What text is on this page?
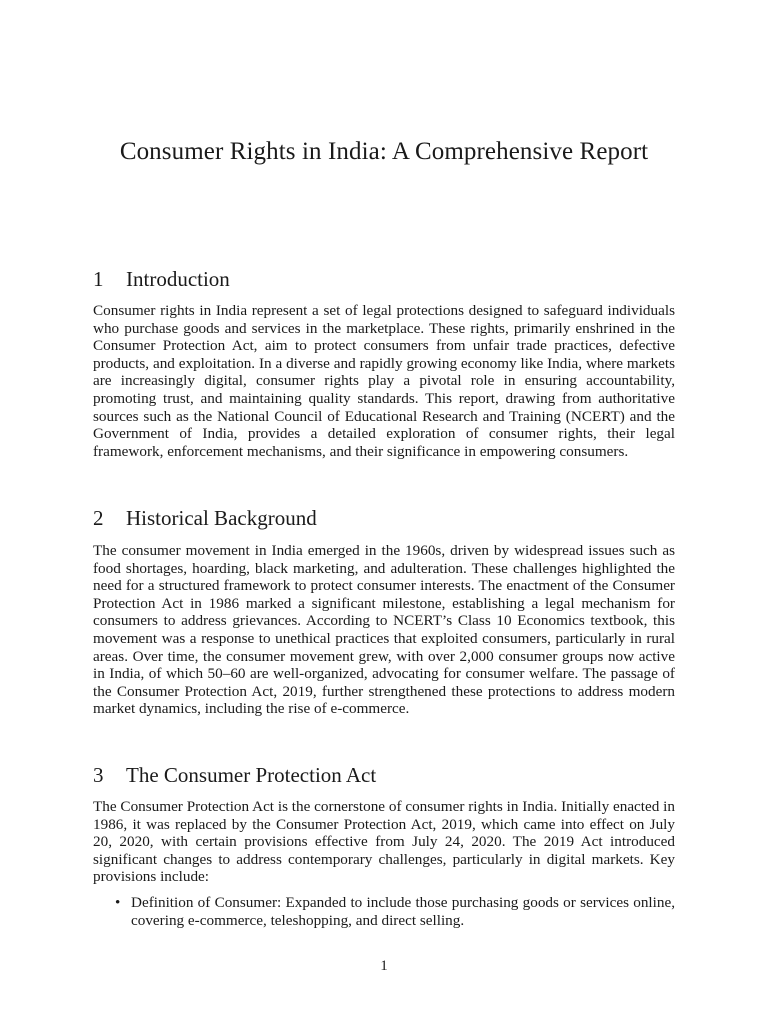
Consumer Rights in India: A Comprehensive Report
1 Introduction

Consumer rights in India represent a set of legal protections designed to safeguard individuals who purchase goods and services in the marketplace. These rights, primarily enshrined in the Consumer Protection Act, aim to protect consumers from unfair trade practices, defective products, and exploitation. In a diverse and rapidly growing economy like India, where markets are increasingly digital, consumer rights play a pivotal role in ensuring accountability, promoting trust, and maintaining quality standards. This report, drawing from authoritative sources such as the National Council of Educational Research and Training (NCERT) and the Government of India, provides a detailed exploration of consumer rights, their legal framework, enforcement mechanisms, and their significance in empowering consumers.

2 Historical Background

The consumer movement in India emerged in the 1960s, driven by widespread issues such as food shortages, hoarding, black marketing, and adulteration. These challenges highlighted the need for a structured framework to protect consumer interests. The enactment of the Consumer Protection Act in 1986 marked a significant milestone, establishing a legal mechanism for consumers to address grievances. According to NCERT’s Class 10 Economics textbook, this movement was a response to unethical practices that exploited consumers, particularly in rural areas. Over time, the consumer movement grew, with over 2,000 consumer groups now active in India, of which 50–60 are well-organized, advocating for consumer welfare. The passage of the Consumer Protection Act, 2019, further strengthened these protections to address modern market dynamics, including the rise of e-commerce.

3 The Consumer Protection Act

The Consumer Protection Act is the cornerstone of consumer rights in India. Initially enacted in 1986, it was replaced by the Consumer Protection Act, 2019, which came into effect on July 20, 2020, with certain provisions effective from July 24, 2020. The 2019 Act introduced significant changes to address contemporary challenges, particularly in digital markets. Key provisions include:

• Definition of Consumer: Expanded to include those purchasing goods or services online, covering e-commerce, teleshopping, and direct selling.
1
